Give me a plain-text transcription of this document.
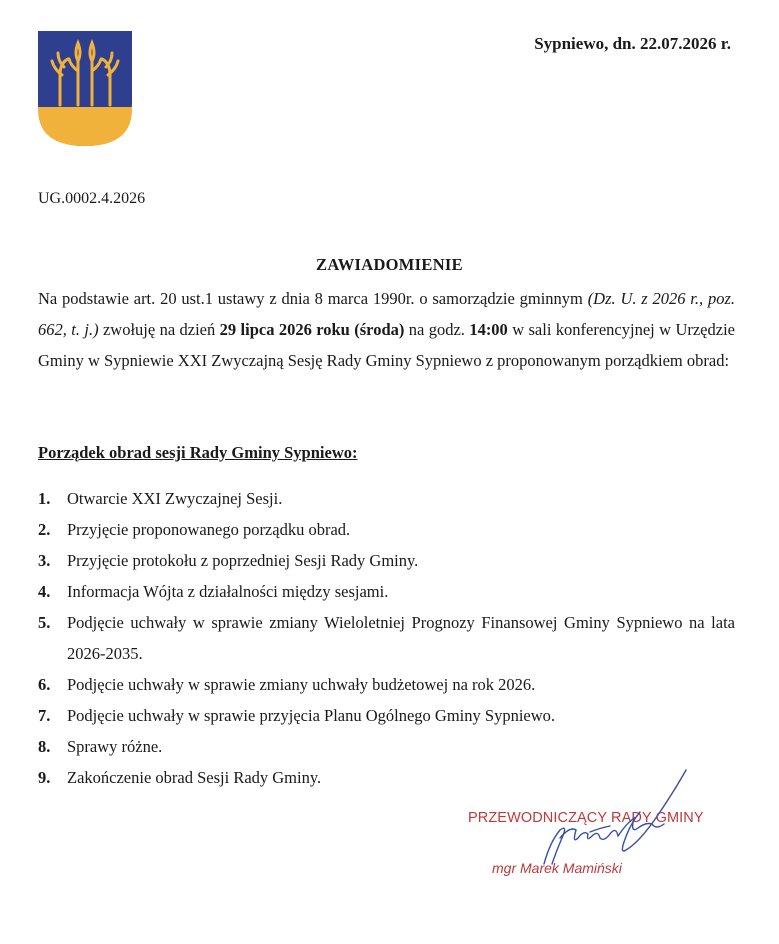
Sypniewo, dn. 22.07.2026 r.
UG.0002.4.2026
ZAWIADOMIENIE

Na podstawie art. 20 ust.1 ustawy z dnia 8 marca 1990r. o samorządzie gminnym (Dz. U. z 2026 r., poz. 662, t. j.) zwołuję na dzień 29 lipca 2026 roku (środa) na godz. 14:00 w sali konferencyjnej w Urzędzie Gminy w Sypniewie XXI Zwyczajną Sesję Rady Gminy Sypniewo z proponowanym porządkiem obrad:

Porządek obrad sesji Rady Gminy Sypniewo:
1.	Otwarcie XXI Zwyczajnej Sesji.
2.	Przyjęcie proponowanego porządku obrad.
3.	Przyjęcie protokołu z poprzedniej Sesji Rady Gminy.
4.	Informacja Wójta z działalności między sesjami.
5.	Podjęcie uchwały w sprawie zmiany Wieloletniej Prognozy Finansowej Gminy Sypniewo na lata 2026-2035.
6.	Podjęcie uchwały w sprawie zmiany uchwały budżetowej na rok 2026.
7.	Podjęcie uchwały w sprawie przyjęcia Planu Ogólnego Gminy Sypniewo.
8.	Sprawy różne.
9.	Zakończenie obrad Sesji Rady Gminy.
PRZEWODNICZĄCY RADY GMINY
mgr Marek Mamiński
